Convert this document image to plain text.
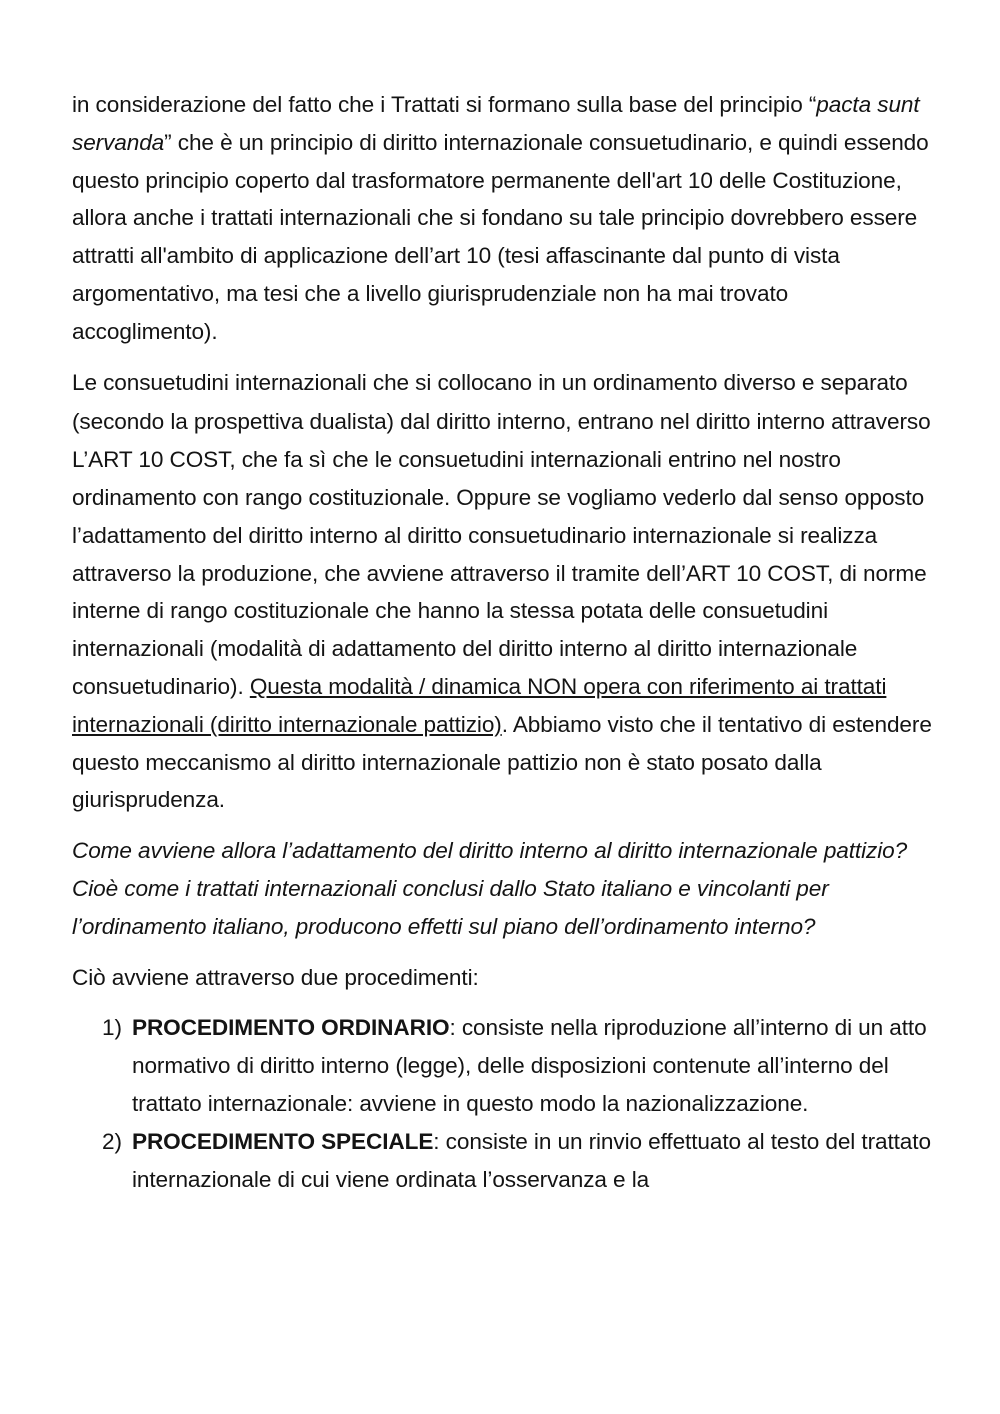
in considerazione del fatto che i Trattati si formano sulla base del principio “pacta sunt servanda” che è un principio di diritto internazionale consuetudinario, e quindi essendo questo principio coperto dal trasformatore permanente dell'art 10 delle Costituzione, allora anche i trattati internazionali che si fondano su tale principio dovrebbero essere attratti all'ambito di applicazione dell’art 10 (tesi affascinante dal punto di vista argomentativo, ma tesi che a livello giurisprudenziale non ha mai trovato accoglimento).

Le consuetudini internazionali che si collocano in un ordinamento diverso e separato (secondo la prospettiva dualista) dal diritto interno, entrano nel diritto interno attraverso L’ART 10 COST, che fa sì che le consuetudini internazionali entrino nel nostro ordinamento con rango costituzionale. Oppure se vogliamo vederlo dal senso opposto l’adattamento del diritto interno al diritto consuetudinario internazionale si realizza attraverso la produzione, che avviene attraverso il tramite dell’ART 10 COST, di norme interne di rango costituzionale che hanno la stessa potata delle consuetudini internazionali (modalità di adattamento del diritto interno al diritto internazionale consuetudinario). Questa modalità / dinamica NON opera con riferimento ai trattati internazionali (diritto internazionale pattizio). Abbiamo visto che il tentativo di estendere questo meccanismo al diritto internazionale pattizio non è stato posato dalla giurisprudenza.

Come avviene allora l’adattamento del diritto interno al diritto internazionale pattizio? Cioè come i trattati internazionali conclusi dallo Stato italiano e vincolanti per l’ordinamento italiano, producono effetti sul piano dell’ordinamento interno?

Ciò avviene attraverso due procedimenti:

1) PROCEDIMENTO ORDINARIO: consiste nella riproduzione all’interno di un atto normativo di diritto interno (legge), delle disposizioni contenute all’interno del trattato internazionale: avviene in questo modo la nazionalizzazione.
2) PROCEDIMENTO SPECIALE: consiste in un rinvio effettuato al testo del trattato internazionale di cui viene ordinata l’osservanza e la
